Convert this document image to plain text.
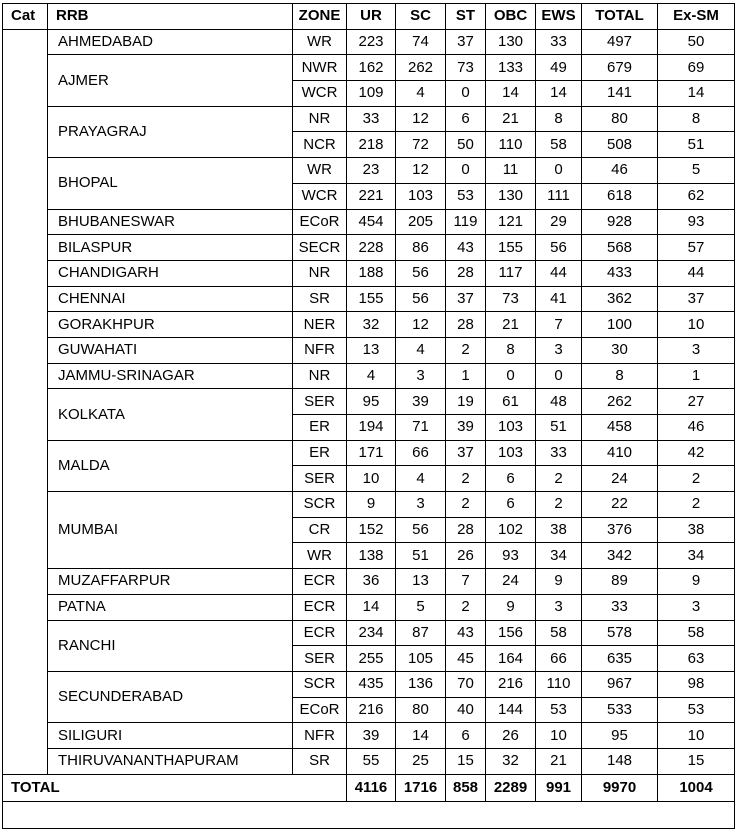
Cat	RRB	ZONE	UR	SC	ST	OBC	EWS	TOTAL	Ex-SM
	AHMEDABAD	WR	223	74	37	130	33	497	50
	AJMER	NWR	162	262	73	133	49	679	69
		WCR	109	4	0	14	14	141	14
	PRAYAGRAJ	NR	33	12	6	21	8	80	8
		NCR	218	72	50	110	58	508	51
	BHOPAL	WR	23	12	0	11	0	46	5
		WCR	221	103	53	130	111	618	62
	BHUBANESWAR	ECoR	454	205	119	121	29	928	93
	BILASPUR	SECR	228	86	43	155	56	568	57
	CHANDIGARH	NR	188	56	28	117	44	433	44
	CHENNAI	SR	155	56	37	73	41	362	37
	GORAKHPUR	NER	32	12	28	21	7	100	10
	GUWAHATI	NFR	13	4	2	8	3	30	3
	JAMMU-SRINAGAR	NR	4	3	1	0	0	8	1
	KOLKATA	SER	95	39	19	61	48	262	27
		ER	194	71	39	103	51	458	46
	MALDA	ER	171	66	37	103	33	410	42
		SER	10	4	2	6	2	24	2
	MUMBAI	SCR	9	3	2	6	2	22	2
		CR	152	56	28	102	38	376	38
		WR	138	51	26	93	34	342	34
	MUZAFFARPUR	ECR	36	13	7	24	9	89	9
	PATNA	ECR	14	5	2	9	3	33	3
	RANCHI	ECR	234	87	43	156	58	578	58
		SER	255	105	45	164	66	635	63
	SECUNDERABAD	SCR	435	136	70	216	110	967	98
		ECoR	216	80	40	144	53	533	53
	SILIGURI	NFR	39	14	6	26	10	95	10
	THIRUVANANTHAPURAM	SR	55	25	15	32	21	148	15
TOTAL			4116	1716	858	2289	991	9970	1004
